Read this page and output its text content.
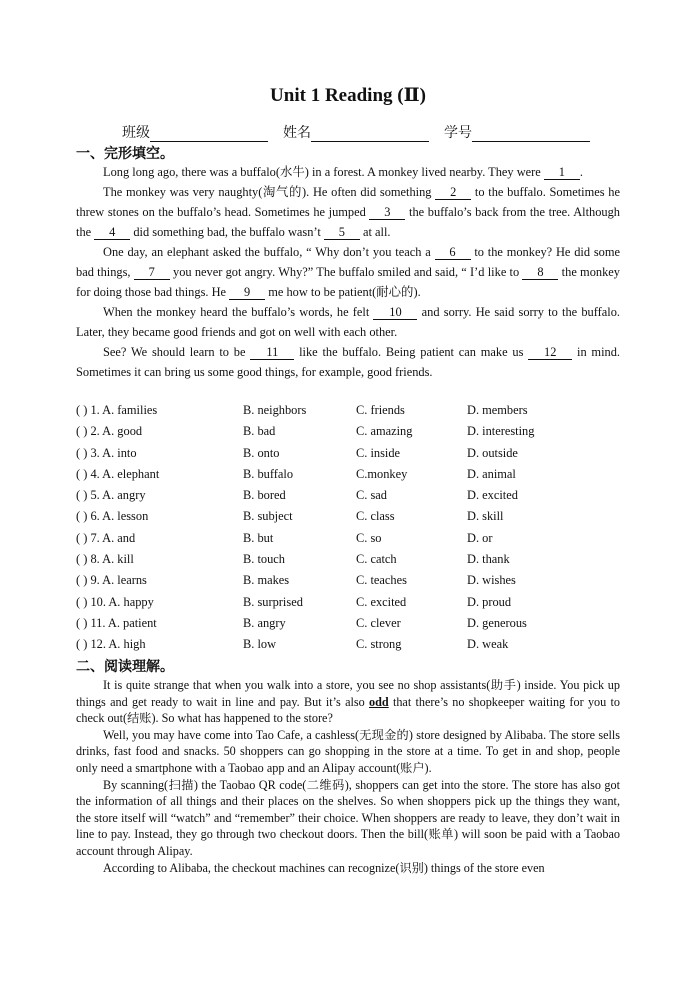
Unit 1 Reading (Ⅱ)
班级	姓名	学号
一、完形填空。

Long long ago, there was a buffalo(水牛) in a forest. A monkey lived nearby. They were 1 .

The monkey was very naughty(淘气的). He often did something 2 to the buffalo. Sometimes he threw stones on the buffalo’s head. Sometimes he jumped 3 the buffalo’s back from the tree. Although the 4 did something bad, the buffalo wasn’t 5 at all.

One day, an elephant asked the buffalo, “ Why don’t you teach a 6 to the monkey? He did some bad things, 7 you never got angry. Why?” The buffalo smiled and said, “ I’d like to 8 the monkey for doing those bad things. He 9 me how to be patient(耐心的).

When the monkey heard the buffalo’s words, he felt 10 and sorry. He said sorry to the buffalo. Later, they became good friends and got on well with each other.

See? We should learn to be 11 like the buffalo. Being patient can make us 12 in mind. Sometimes it can bring us some good things, for example, good friends.

( ) 1. A. families	B. neighbors	C. friends	D. members
( ) 2. A. good	B. bad	C. amazing	D. interesting
( ) 3. A. into	B. onto	C. inside	D. outside
( ) 4. A. elephant	B. buffalo	C.monkey	D. animal
( ) 5. A. angry	B. bored	C. sad	D. excited
( ) 6. A. lesson	B. subject	C. class	D. skill
( ) 7. A. and	B. but	C. so	D. or
( ) 8. A. kill	B. touch	C. catch	D. thank
( ) 9. A. learns	B. makes	C. teaches	D. wishes
( ) 10. A. happy	B. surprised	C. excited	D. proud
( ) 11. A. patient	B. angry	C. clever	D. generous
( ) 12. A. high	B. low	C. strong	D. weak
二、阅读理解。

It is quite strange that when you walk into a store, you see no shop assistants(助手) inside. You pick up things and get ready to wait in line and pay. But it’s also odd that there’s no shopkeeper waiting for you to check out(结账). So what has happened to the store?

Well, you may have come into Tao Cafe, a cashless(无现金的) store designed by Alibaba. The store sells drinks, fast food and snacks. 50 shoppers can go shopping in the store at a time. To get in and shop, people only need a smartphone with a Taobao app and an Alipay account(账户).

By scanning(扫描) the Taobao QR code(二维码), shoppers can get into the store. The store has also got the information of all things and their places on the shelves. So when shoppers pick up the things they want, the store itself will “watch” and “remember” their choice. When shoppers are ready to leave, they don’t wait in line to pay. Instead, they go through two checkout doors. Then the bill(账单) will soon be paid with a Taobao account through Alipay.

According to Alibaba, the checkout machines can recognize(识别) things of the store even
